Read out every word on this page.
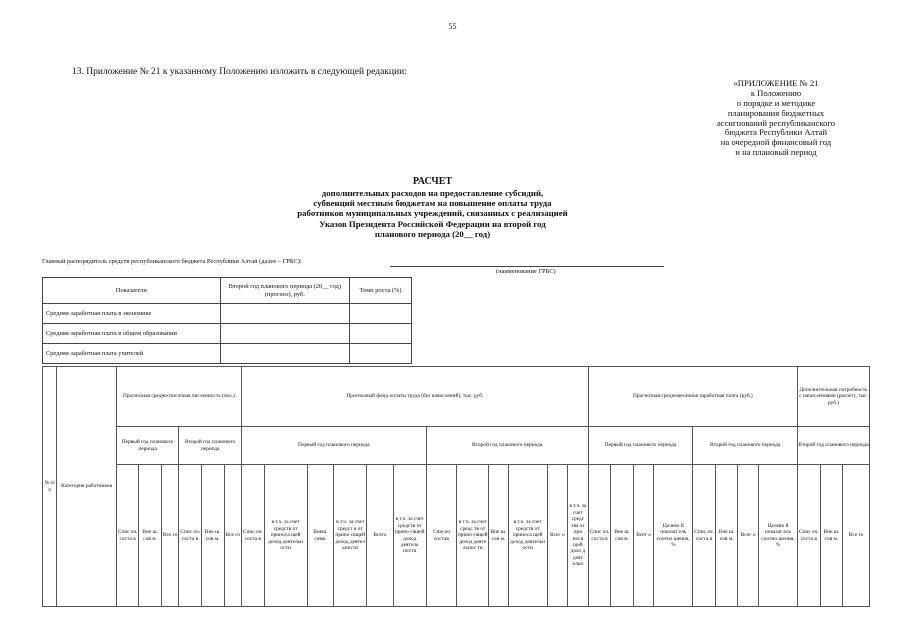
55
13. Приложение № 21 к указанному Положению изложить в следующей редакции:
«ПРИЛОЖЕНИЕ № 21
к Положению
о порядке и методике
планирования бюджетных
ассигнований республиканского
бюджета Республики Алтай
на очередной финансовый год
и на плановый период
РАСЧЕТ
дополнительных расходов на предоставление субсидий,
субвенций местным бюджетам на повышение оплаты труда
работников муниципальных учреждений, связанных с реализацией
Указов Президента Российской Федерации на второй год
планового периода (20__ год)
Главный распорядитель средств республиканского бюджета Республики Алтай (далее – ГРБС):
(наименование ГРБС)
Показатели	Второй год планового периода (20__ год) (прогноз), руб.	Темп роста (%)
Средняя заработная плата в экономике		
Средняя заработная плата в общем образовании		
Средняя заработная плата учителей		
№ п/п	Категория работников	Прогнозная среднесписочная численность (чел.)						Прогнозный фонд оплаты труда (без начислений), тыс. руб.												Прогнозная среднемесячная заработная плата (руб.)								Дополнительная потребность с начислениями (расчет), тыс. руб.)		
		Первый год планового периода			Второй год планового периода			Первый год планового периода						Второй год планового периода						Первый год планового периода				Второй год планового периода				Второй год планового периода		
		Спис оч. соста в	Вне ш. сов м.	Все го	Спис оч. соста в	Вне ш. сов м.	Все го	Спис оч. соста в	в т.ч. за счет средств от приноса щей доход деятельн ости	Внеш. совм.	в т.ч. за счет средст в от прино сящей доход деятел ьности	Всего	в т.ч. за счет средств от прино сящей доход деятель ности	Списоч состав	в т.ч. за счет средс тв от прино сящей доход деяте льнос ти	Вне ш. сов м.	в т.ч. за счет средств от приноса щей доход деятельн ости	Всег о	в т.ч. за счет средс тва от при нося щей дохо д деят ельн	Спис оч. соста в	Вне ш. сов м.	Всег о	Целево й показат ель соотно шения, %	Спис оч. соста в	Вне ш. сов м.	Всег о	Целево й показат ель соотно шения, %	Спис оч. соста в	Вне ш. сов м.	Все го
